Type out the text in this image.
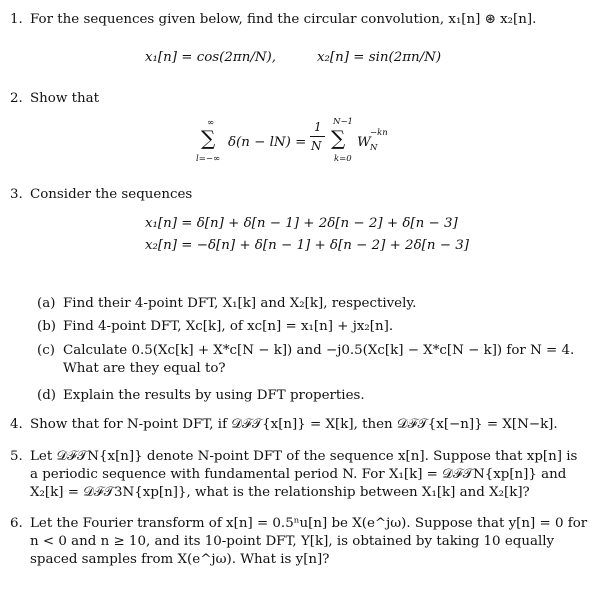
1. For the sequences given below, find the circular convolution, x₁[n] ⊛ x₂[n].
x₁[n] = cos(2πn/N),	x₂[n] = sin(2πn/N)
2. Show that
∞
∑
l=−∞
δ(n − lN) =
1
N
N−1
∑
k=0
W
−kn
N
3. Consider the sequences
x₁[n] = δ[n] + δ[n − 1] + 2δ[n − 2] + δ[n − 3]
x₂[n] = −δ[n] + δ[n − 1] + δ[n − 2] + 2δ[n − 3]
(a) Find their 4-point DFT, X₁[k] and X₂[k], respectively.
(b) Find 4-point DFT, Xc[k], of xc[n] = x₁[n] + jx₂[n].
(c) Calculate 0.5(Xc[k] + X*c[N − k]) and −j0.5(Xc[k] − X*c[N − k]) for N = 4.
What are they equal to?
(d) Explain the results by using DFT properties.
4. Show that for N-point DFT, if 𝒟ℱ𝒯{x[n]} = X[k], then 𝒟ℱ𝒯{x[−n]} = X[N−k].
5. Let 𝒟ℱ𝒯N{x[n]} denote N-point DFT of the sequence x[n]. Suppose that xp[n] is
a periodic sequence with fundamental period N. For X₁[k] = 𝒟ℱ𝒯N{xp[n]} and
X₂[k] = 𝒟ℱ𝒯3N{xp[n]}, what is the relationship between X₁[k] and X₂[k]?
6. Let the Fourier transform of x[n] = 0.5ⁿu[n] be X(e^jω). Suppose that y[n] = 0 for
n < 0 and n ≥ 10, and its 10-point DFT, Y[k], is obtained by taking 10 equally
spaced samples from X(e^jω). What is y[n]?
